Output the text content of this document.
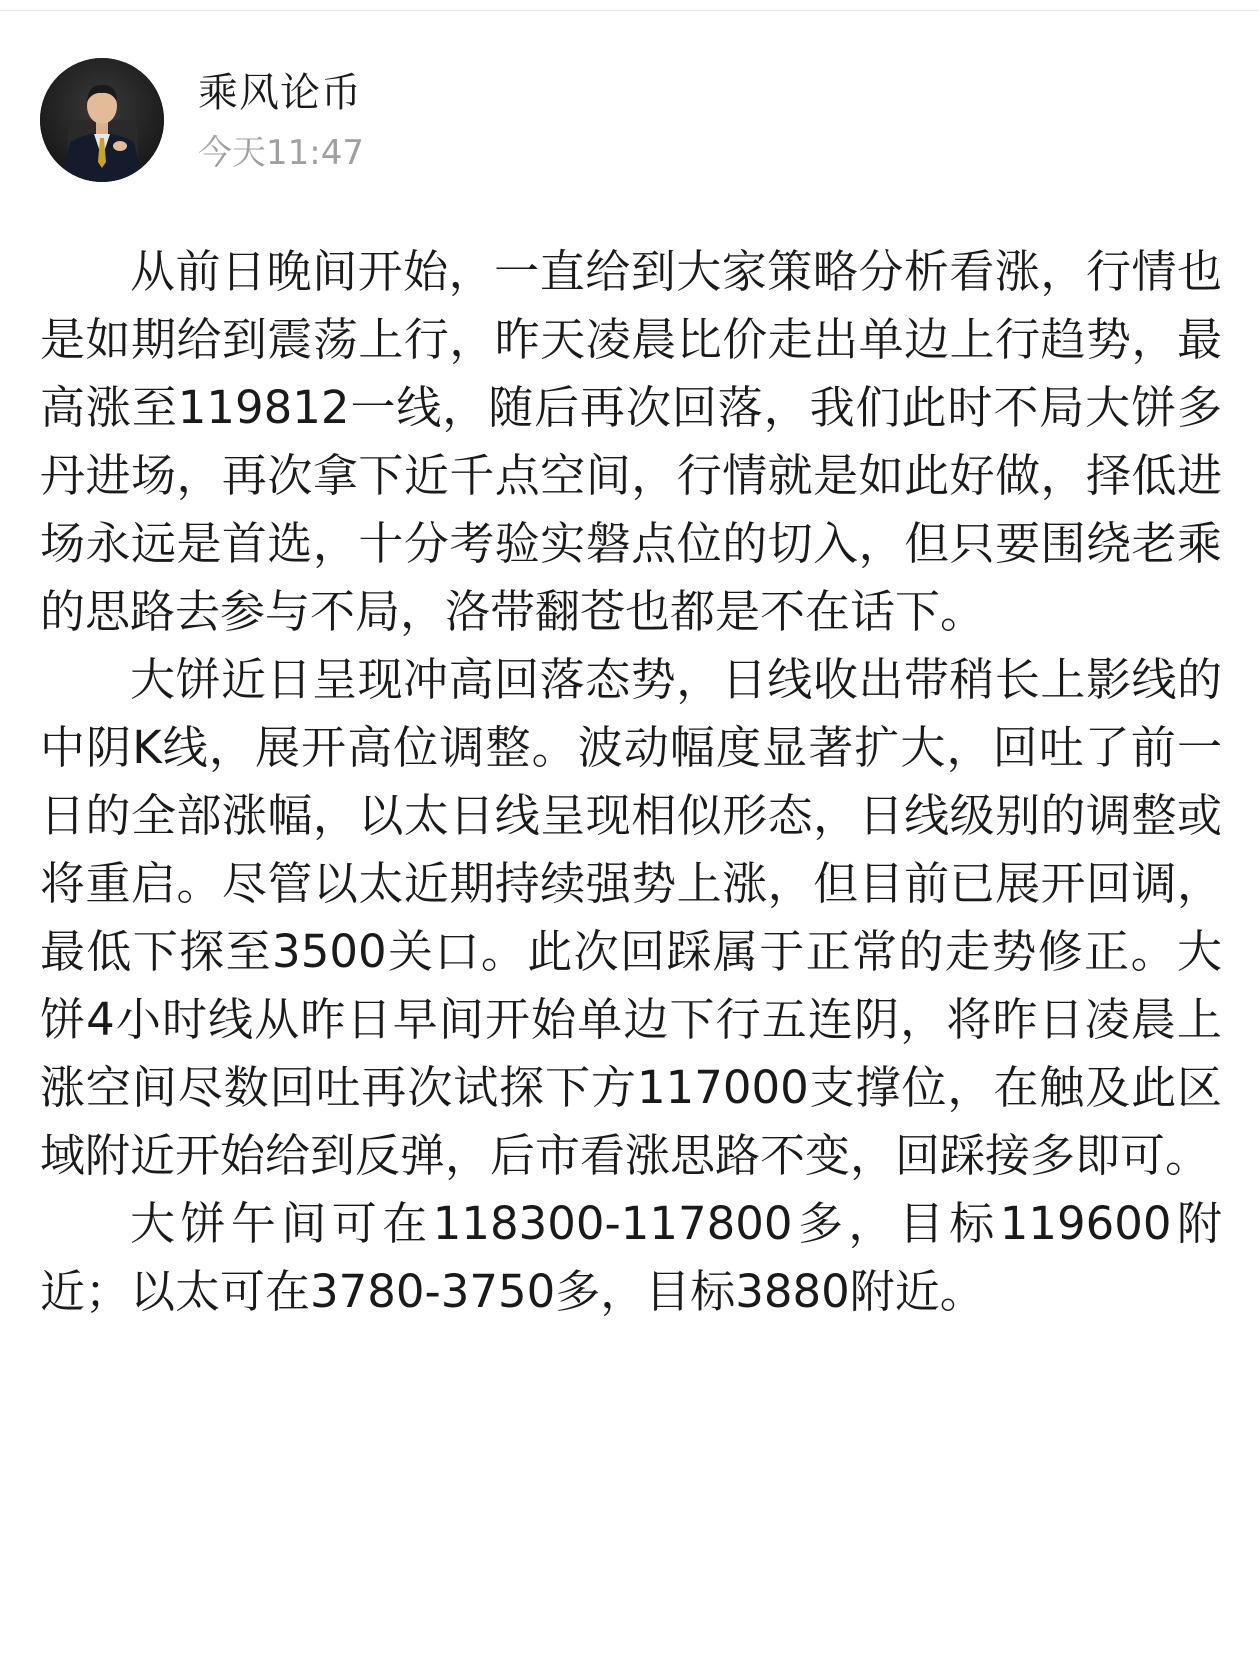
乘风论币
今天11:47

从前日晚间开始，一直给到大家策略分析看涨，行情也是如期给到震荡上行，昨天凌晨比价走出单边上行趋势，最高涨至119812一线，随后再次回落，我们此时不局大饼多丹进场，再次拿下近千点空间，行情就是如此好做，择低进场永远是首选，十分考验实磐点位的切入，但只要围绕老乘的思路去参与不局，洛带翻苍也都是不在话下。

大饼近日呈现冲高回落态势，日线收出带稍长上影线的中阴K线，展开高位调整。波动幅度显著扩大，回吐了前一日的全部涨幅，以太日线呈现相似形态，日线级别的调整或将重启。尽管以太近期持续强势上涨，但目前已展开回调，最低下探至3500关口。此次回踩属于正常的走势修正。大饼4小时线从昨日早间开始单边下行五连阴，将昨日凌晨上涨空间尽数回吐再次试探下方117000支撑位，在触及此区域附近开始给到反弹，后市看涨思路不变，回踩接多即可。

大饼午间可在118300-117800多，目标119600附近；以太可在3780-3750多，目标3880附近。
